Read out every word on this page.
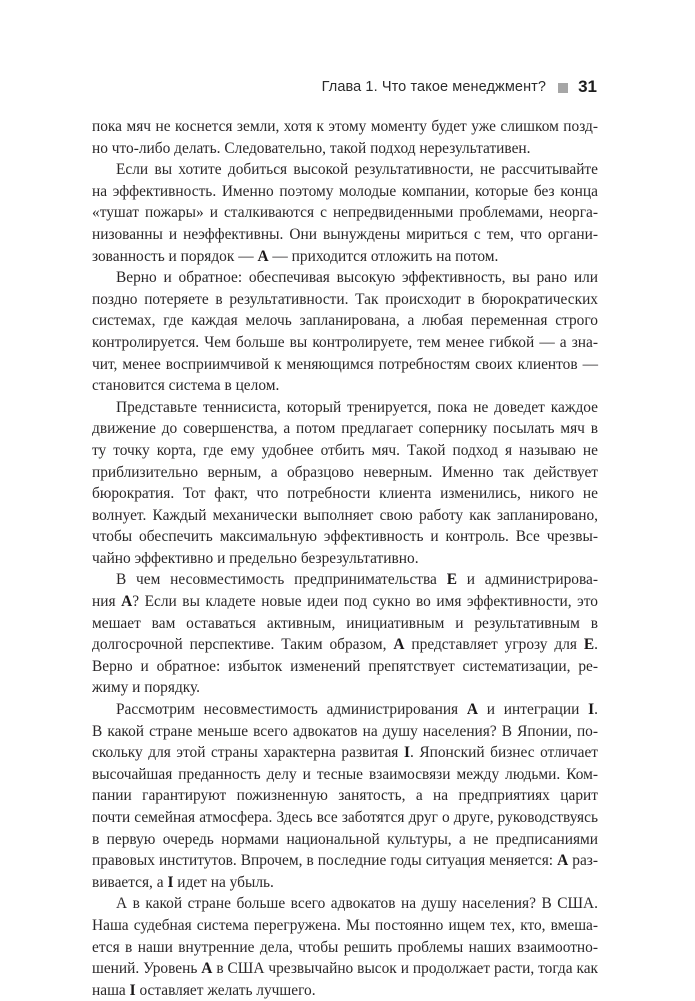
Глава 1. Что такое менеджмент? 31

пока мяч не коснется земли, хотя к этому моменту будет уже слишком позд-
но что-либо делать. Следовательно, такой подход нерезультативен.

Если вы хотите добиться высокой результативности, не рассчитывайте
на эффективность. Именно поэтому молодые компании, которые без конца
«тушат пожары» и сталкиваются с непредвиденными проблемами, неорга-
низованны и неэффективны. Они вынуждены мириться с тем, что органи-
зованность и порядок — A — приходится отложить на потом.

Верно и обратное: обеспечивая высокую эффективность, вы рано или
поздно потеряете в результативности. Так происходит в бюрократических
системах, где каждая мелочь запланирована, а любая переменная строго
контролируется. Чем больше вы контролируете, тем менее гибкой — а зна-
чит, менее восприимчивой к меняющимся потребностям своих клиентов —
становится система в целом.

Представьте теннисиста, который тренируется, пока не доведет каждое
движение до совершенства, а потом предлагает сопернику посылать мяч в
ту точку корта, где ему удобнее отбить мяч. Такой подход я называю не
приблизительно верным, а образцово неверным. Именно так действует
бюрократия. Тот факт, что потребности клиента изменились, никого не
волнует. Каждый механически выполняет свою работу как запланировано,
чтобы обеспечить максимальную эффективность и контроль. Все чрезвы-
чайно эффективно и предельно безрезультативно.

В чем несовместимость предпринимательства E и администрирова-
ния A? Если вы кладете новые идеи под сукно во имя эффективности, это
мешает вам оставаться активным, инициативным и результативным в
долгосрочной перспективе. Таким образом, A представляет угрозу для E.
Верно и обратное: избыток изменений препятствует систематизации, ре-
жиму и порядку.

Рассмотрим несовместимость администрирования A и интеграции I.
В какой стране меньше всего адвокатов на душу населения? В Японии, по-
скольку для этой страны характерна развитая I. Японский бизнес отличает
высочайшая преданность делу и тесные взаимосвязи между людьми. Ком-
пании гарантируют пожизненную занятость, а на предприятиях царит
почти семейная атмосфера. Здесь все заботятся друг о друге, руководствуясь
в первую очередь нормами национальной культуры, а не предписаниями
правовых институтов. Впрочем, в последние годы ситуация меняется: A раз-
вивается, а I идет на убыль.

А в какой стране больше всего адвокатов на душу населения? В США.
Наша судебная система перегружена. Мы постоянно ищем тех, кто, вмеша-
ется в наши внутренние дела, чтобы решить проблемы наших взаимоотно-
шений. Уровень A в США чрезвычайно высок и продолжает расти, тогда как
наша I оставляет желать лучшего.
